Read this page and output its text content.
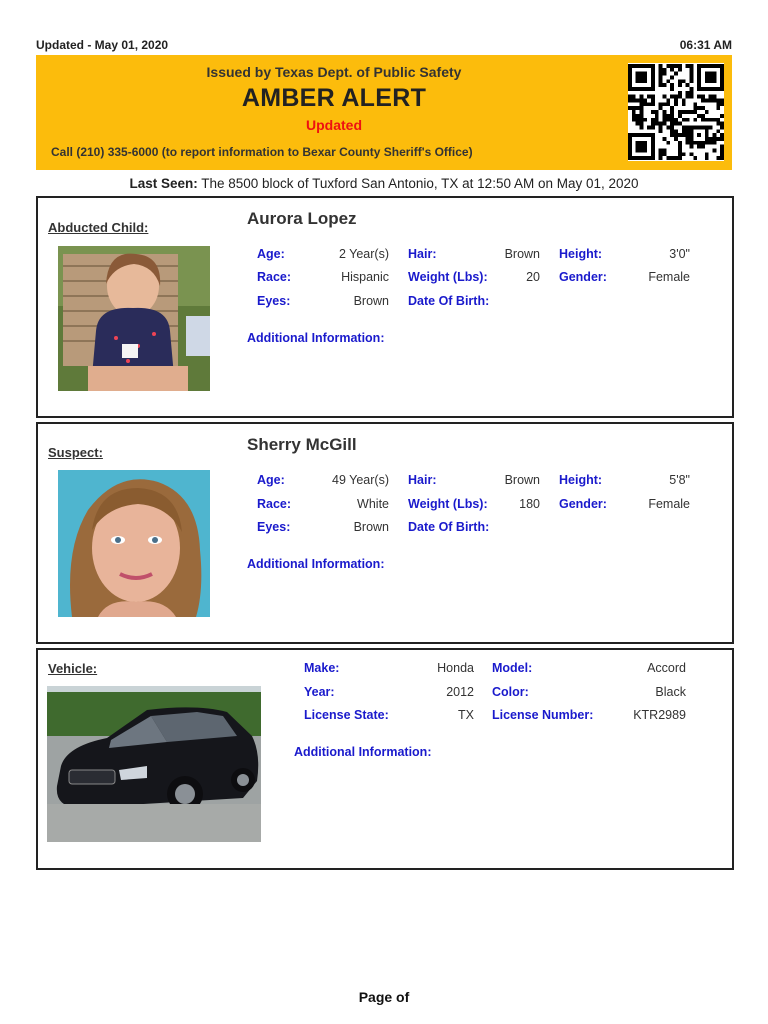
Updated - May 01, 2020	06:31 AM
Issued by Texas Dept. of Public Safety
AMBER ALERT
Updated
Call (210) 335-6000 (to report information to Bexar County Sheriff's Office)
Last Seen: The 8500 block of Tuxford San Antonio, TX at 12:50 AM on May 01, 2020
Abducted Child:	Aurora Lopez
Age:	2 Year(s) Hair:	Brown Height:	3'0"
Race:	Hispanic Weight (Lbs):	20 Gender:	Female
Eyes:	Brown Date Of Birth:
Additional Information:
Suspect:	Sherry McGill
Age:	49 Year(s) Hair:	Brown Height:	5'8"
Race:	White Weight (Lbs):	180 Gender:	Female
Eyes:	Brown Date Of Birth:
Additional Information:
Vehicle:	Make:	Honda Model:	Accord
Year:	2012 Color:	Black
License State:	TX License Number:	KTR2989
Additional Information:
Page of
